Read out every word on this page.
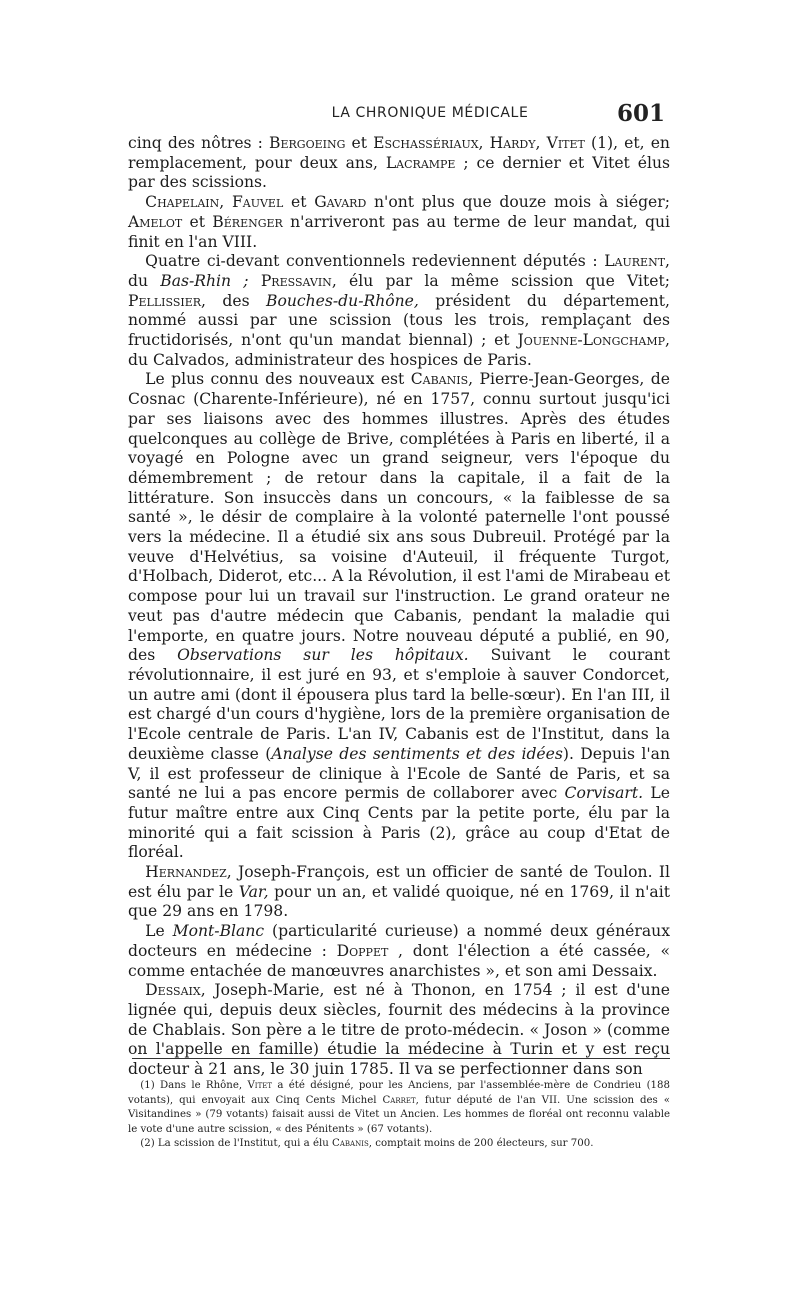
LA CHRONIQUE MÉDICALE	601

cinq des nôtres : Bergoeing et Eschassériaux, Hardy, Vitet (1), et, en remplacement, pour deux ans, Lacrampe ; ce dernier et Vitet élus par des scissions.

Chapelain, Fauvel et Gavard n'ont plus que douze mois à siéger; Amelot et Bérenger n'arriveront pas au terme de leur mandat, qui finit en l'an VIII.

Quatre ci-devant conventionnels redeviennent députés : Laurent, du Bas-Rhin ; Pressavin, élu par la même scission que Vitet; Pellissier, des Bouches-du-Rhône, président du département, nommé aussi par une scission (tous les trois, remplaçant des fructidorisés, n'ont qu'un mandat biennal) ; et Jouenne-Longchamp, du Calvados, administrateur des hospices de Paris.

Le plus connu des nouveaux est Cabanis, Pierre-Jean-Georges, de Cosnac (Charente-Inférieure), né en 1757, connu surtout jusqu'ici par ses liaisons avec des hommes illustres. Après des études quelconques au collège de Brive, complétées à Paris en liberté, il a voyagé en Pologne avec un grand seigneur, vers l'époque du démembrement ; de retour dans la capitale, il a fait de la littérature. Son insuccès dans un concours, « la faiblesse de sa santé », le désir de complaire à la volonté paternelle l'ont poussé vers la médecine. Il a étudié six ans sous Dubreuil. Protégé par la veuve d'Helvétius, sa voisine d'Auteuil, il fréquente Turgot, d'Holbach, Diderot, etc... A la Révolution, il est l'ami de Mirabeau et compose pour lui un travail sur l'instruction. Le grand orateur ne veut pas d'autre médecin que Cabanis, pendant la maladie qui l'emporte, en quatre jours. Notre nouveau député a publié, en 90, des Observations sur les hôpitaux. Suivant le courant révolutionnaire, il est juré en 93, et s'emploie à sauver Condorcet, un autre ami (dont il épousera plus tard la belle-sœur). En l'an III, il est chargé d'un cours d'hygiène, lors de la première organisation de l'Ecole centrale de Paris. L'an IV, Cabanis est de l'Institut, dans la deuxième classe (Analyse des sentiments et des idées). Depuis l'an V, il est professeur de clinique à l'Ecole de Santé de Paris, et sa santé ne lui a pas encore permis de collaborer avec Corvisart. Le futur maître entre aux Cinq Cents par la petite porte, élu par la minorité qui a fait scission à Paris (2), grâce au coup d'Etat de floréal.

Hernandez, Joseph-François, est un officier de santé de Toulon. Il est élu par le Var, pour un an, et validé quoique, né en 1769, il n'ait que 29 ans en 1798.

Le Mont-Blanc (particularité curieuse) a nommé deux généraux docteurs en médecine : Doppet , dont l'élection a été cassée, « comme entachée de manœuvres anarchistes », et son ami Dessaix.

Dessaix, Joseph-Marie, est né à Thonon, en 1754 ; il est d'une lignée qui, depuis deux siècles, fournit des médecins à la province de Chablais. Son père a le titre de proto-médecin. « Joson » (comme on l'appelle en famille) étudie la médecine à Turin et y est reçu docteur à 21 ans, le 30 juin 1785. Il va se perfectionner dans son

(1) Dans le Rhône, Vitet a été désigné, pour les Anciens, par l'assemblée-mère de Condrieu (188 votants), qui envoyait aux Cinq Cents Michel Carret, futur député de l'an VII. Une scission des « Visitandines » (79 votants) faisait aussi de Vitet un Ancien. Les hommes de floréal ont reconnu valable le vote d'une autre scission, « des Pénitents » (67 votants).

(2) La scission de l'Institut, qui a élu Cabanis, comptait moins de 200 électeurs, sur 700.
